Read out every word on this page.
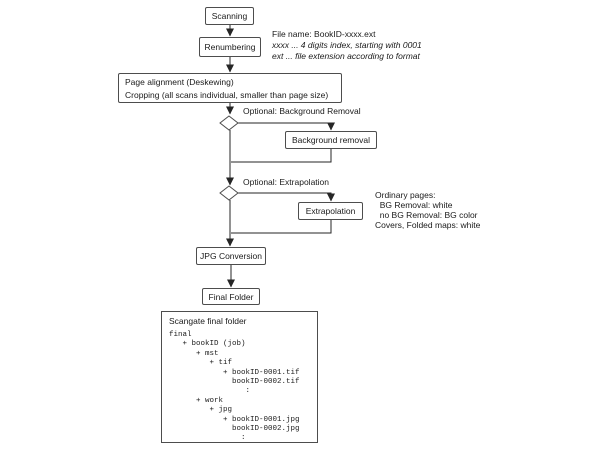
Scanning
Renumbering
File name: BookID-xxxx.ext
xxxx ... 4 digits index, starting with 0001
ext ... file extension according to format
Page alignment (Deskewing)
Cropping (all scans individual, smaller than page size)
Optional: Background Removal
Background removal
Optional: Extrapolation
Extrapolation
Ordinary pages:
BG Removal: white
no BG Removal: BG color
Covers, Folded maps: white
JPG Conversion
Final Folder
Scangate final folder
final
+ bookID (job)
+ mst
+ tif
+ bookID-0001.tif
bookID-0002.tif
:
+ work
+ jpg
+ bookID-0001.jpg
bookID-0002.jpg
:
